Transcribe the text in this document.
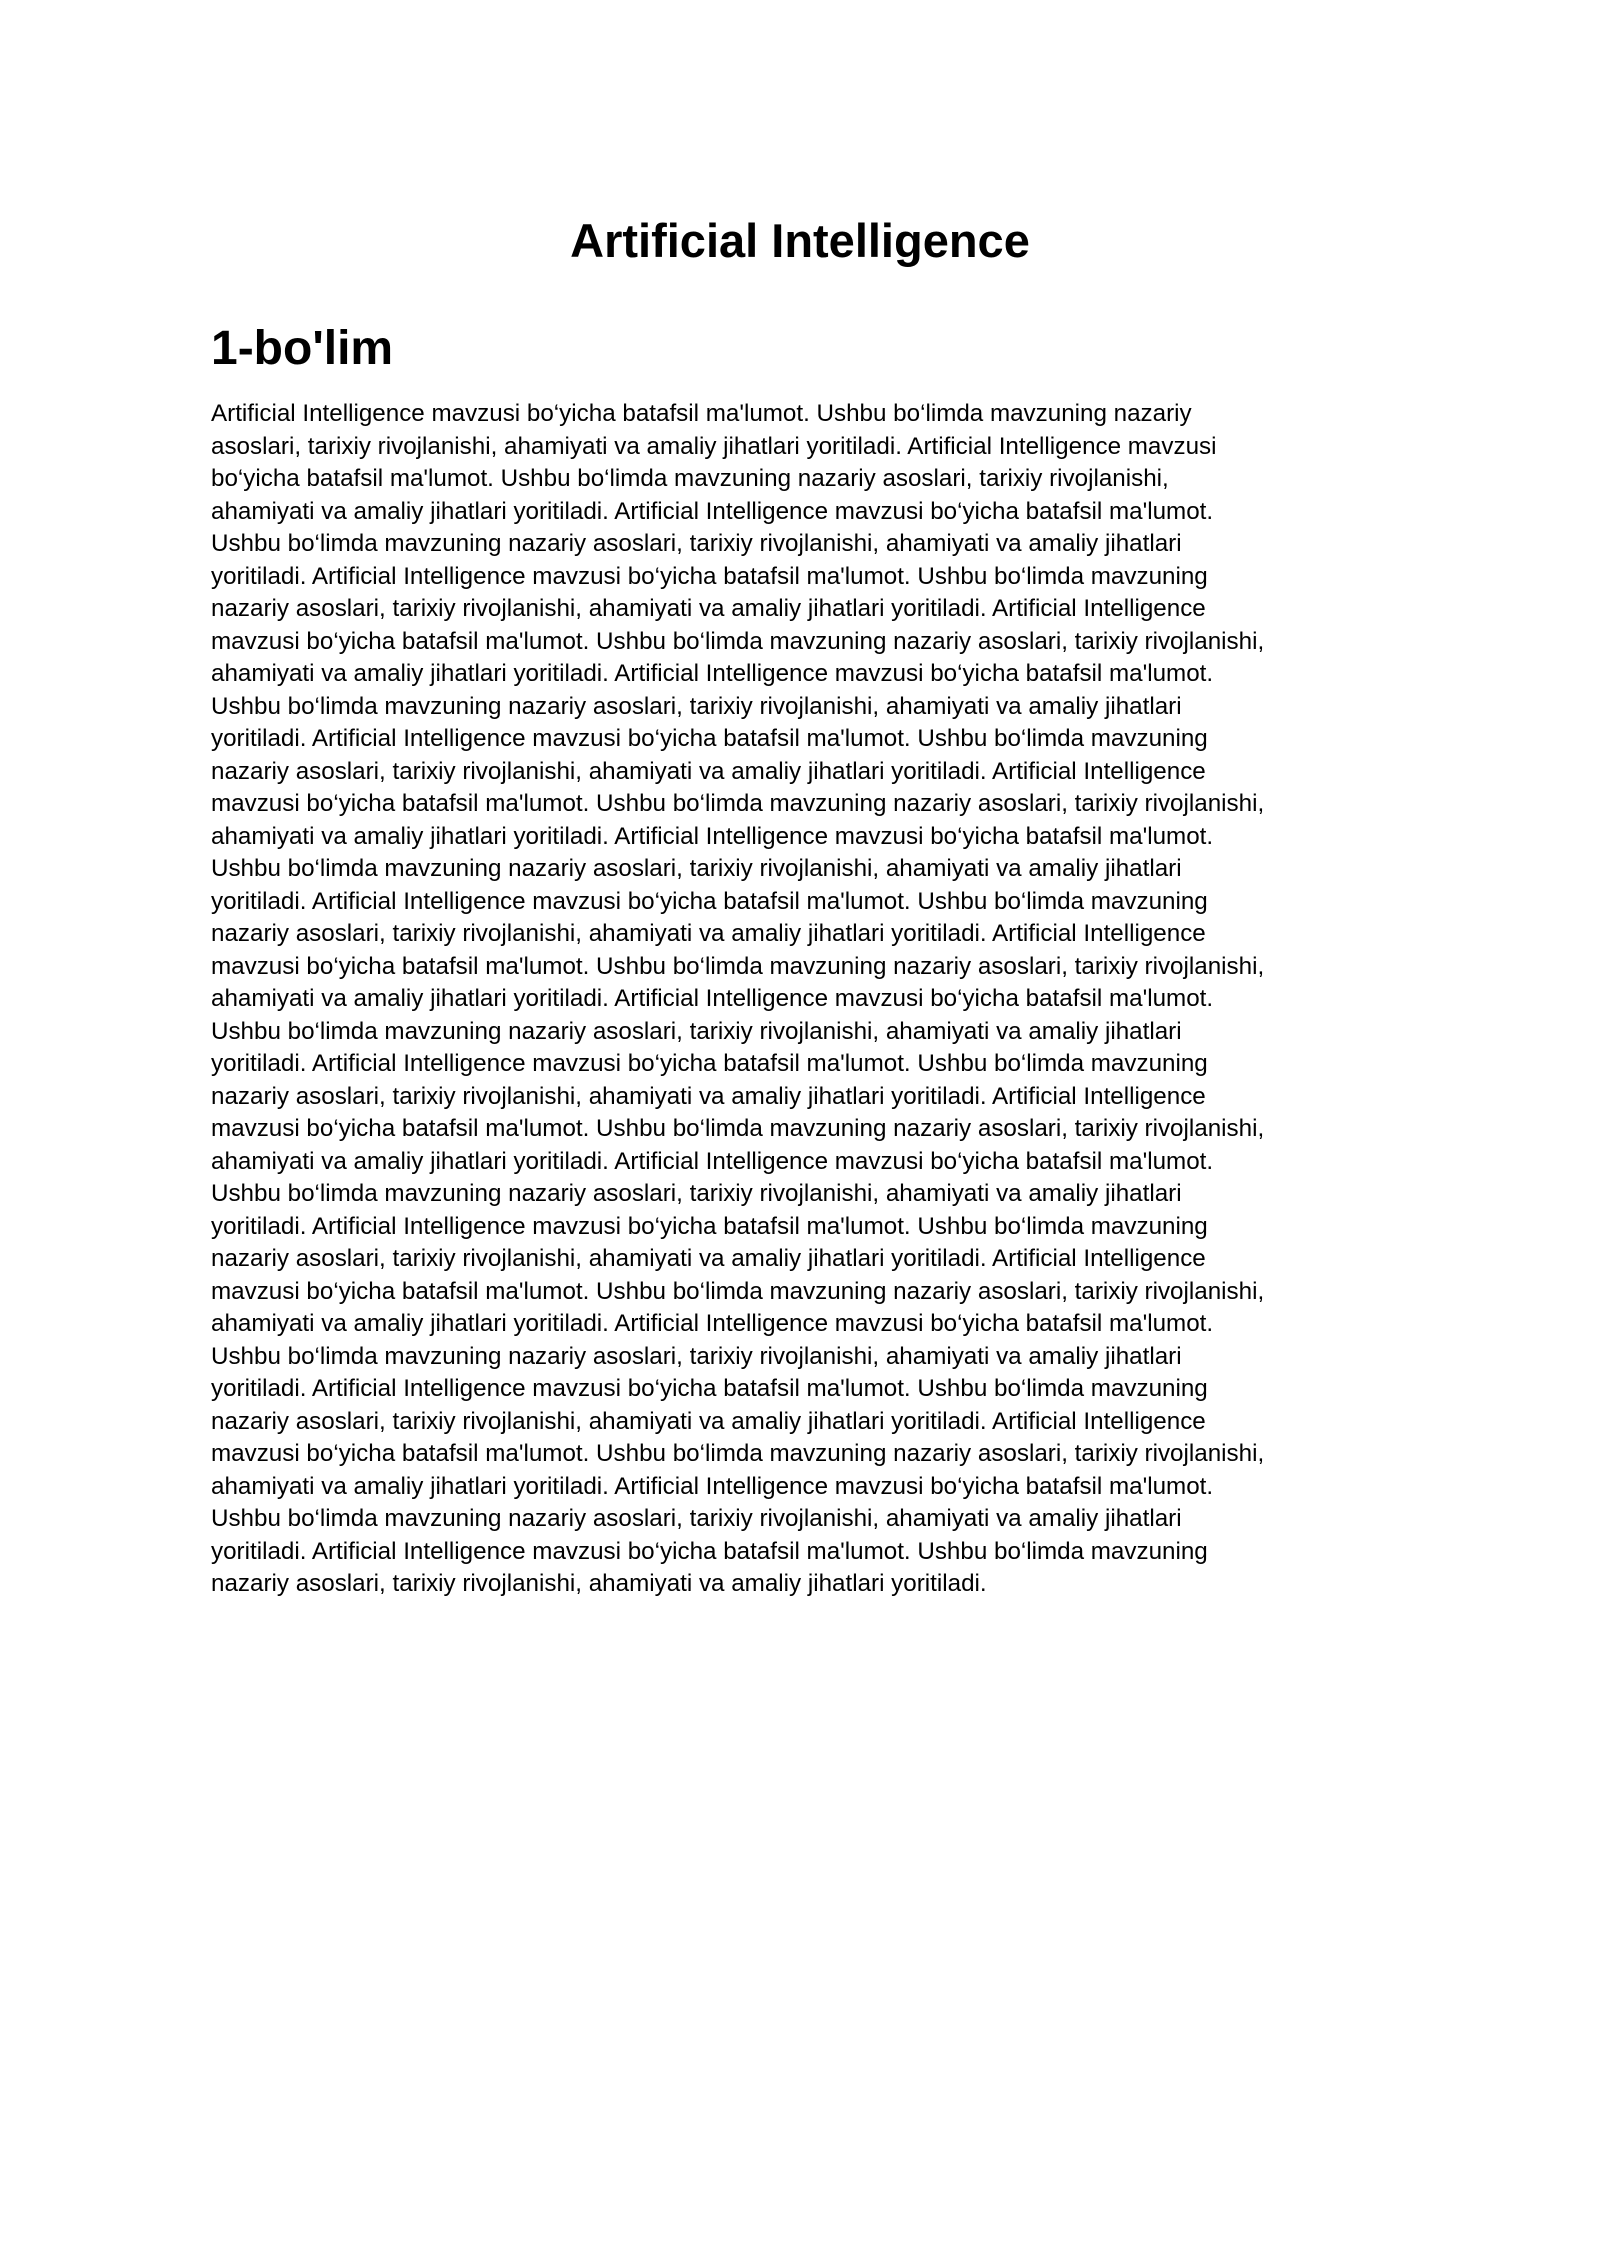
Artificial Intelligence
1-bo'lim
Artificial Intelligence mavzusi bo‘yicha batafsil ma'lumot. Ushbu bo‘limda mavzuning nazariy
asoslari, tarixiy rivojlanishi, ahamiyati va amaliy jihatlari yoritiladi. Artificial Intelligence mavzusi
bo‘yicha batafsil ma'lumot. Ushbu bo‘limda mavzuning nazariy asoslari, tarixiy rivojlanishi,
ahamiyati va amaliy jihatlari yoritiladi. Artificial Intelligence mavzusi bo‘yicha batafsil ma'lumot.
Ushbu bo‘limda mavzuning nazariy asoslari, tarixiy rivojlanishi, ahamiyati va amaliy jihatlari
yoritiladi. Artificial Intelligence mavzusi bo‘yicha batafsil ma'lumot. Ushbu bo‘limda mavzuning
nazariy asoslari, tarixiy rivojlanishi, ahamiyati va amaliy jihatlari yoritiladi. Artificial Intelligence
mavzusi bo‘yicha batafsil ma'lumot. Ushbu bo‘limda mavzuning nazariy asoslari, tarixiy rivojlanishi,
ahamiyati va amaliy jihatlari yoritiladi. Artificial Intelligence mavzusi bo‘yicha batafsil ma'lumot.
Ushbu bo‘limda mavzuning nazariy asoslari, tarixiy rivojlanishi, ahamiyati va amaliy jihatlari
yoritiladi. Artificial Intelligence mavzusi bo‘yicha batafsil ma'lumot. Ushbu bo‘limda mavzuning
nazariy asoslari, tarixiy rivojlanishi, ahamiyati va amaliy jihatlari yoritiladi. Artificial Intelligence
mavzusi bo‘yicha batafsil ma'lumot. Ushbu bo‘limda mavzuning nazariy asoslari, tarixiy rivojlanishi,
ahamiyati va amaliy jihatlari yoritiladi. Artificial Intelligence mavzusi bo‘yicha batafsil ma'lumot.
Ushbu bo‘limda mavzuning nazariy asoslari, tarixiy rivojlanishi, ahamiyati va amaliy jihatlari
yoritiladi. Artificial Intelligence mavzusi bo‘yicha batafsil ma'lumot. Ushbu bo‘limda mavzuning
nazariy asoslari, tarixiy rivojlanishi, ahamiyati va amaliy jihatlari yoritiladi. Artificial Intelligence
mavzusi bo‘yicha batafsil ma'lumot. Ushbu bo‘limda mavzuning nazariy asoslari, tarixiy rivojlanishi,
ahamiyati va amaliy jihatlari yoritiladi. Artificial Intelligence mavzusi bo‘yicha batafsil ma'lumot.
Ushbu bo‘limda mavzuning nazariy asoslari, tarixiy rivojlanishi, ahamiyati va amaliy jihatlari
yoritiladi. Artificial Intelligence mavzusi bo‘yicha batafsil ma'lumot. Ushbu bo‘limda mavzuning
nazariy asoslari, tarixiy rivojlanishi, ahamiyati va amaliy jihatlari yoritiladi. Artificial Intelligence
mavzusi bo‘yicha batafsil ma'lumot. Ushbu bo‘limda mavzuning nazariy asoslari, tarixiy rivojlanishi,
ahamiyati va amaliy jihatlari yoritiladi. Artificial Intelligence mavzusi bo‘yicha batafsil ma'lumot.
Ushbu bo‘limda mavzuning nazariy asoslari, tarixiy rivojlanishi, ahamiyati va amaliy jihatlari
yoritiladi. Artificial Intelligence mavzusi bo‘yicha batafsil ma'lumot. Ushbu bo‘limda mavzuning
nazariy asoslari, tarixiy rivojlanishi, ahamiyati va amaliy jihatlari yoritiladi. Artificial Intelligence
mavzusi bo‘yicha batafsil ma'lumot. Ushbu bo‘limda mavzuning nazariy asoslari, tarixiy rivojlanishi,
ahamiyati va amaliy jihatlari yoritiladi. Artificial Intelligence mavzusi bo‘yicha batafsil ma'lumot.
Ushbu bo‘limda mavzuning nazariy asoslari, tarixiy rivojlanishi, ahamiyati va amaliy jihatlari
yoritiladi. Artificial Intelligence mavzusi bo‘yicha batafsil ma'lumot. Ushbu bo‘limda mavzuning
nazariy asoslari, tarixiy rivojlanishi, ahamiyati va amaliy jihatlari yoritiladi. Artificial Intelligence
mavzusi bo‘yicha batafsil ma'lumot. Ushbu bo‘limda mavzuning nazariy asoslari, tarixiy rivojlanishi,
ahamiyati va amaliy jihatlari yoritiladi. Artificial Intelligence mavzusi bo‘yicha batafsil ma'lumot.
Ushbu bo‘limda mavzuning nazariy asoslari, tarixiy rivojlanishi, ahamiyati va amaliy jihatlari
yoritiladi. Artificial Intelligence mavzusi bo‘yicha batafsil ma'lumot. Ushbu bo‘limda mavzuning
nazariy asoslari, tarixiy rivojlanishi, ahamiyati va amaliy jihatlari yoritiladi.
